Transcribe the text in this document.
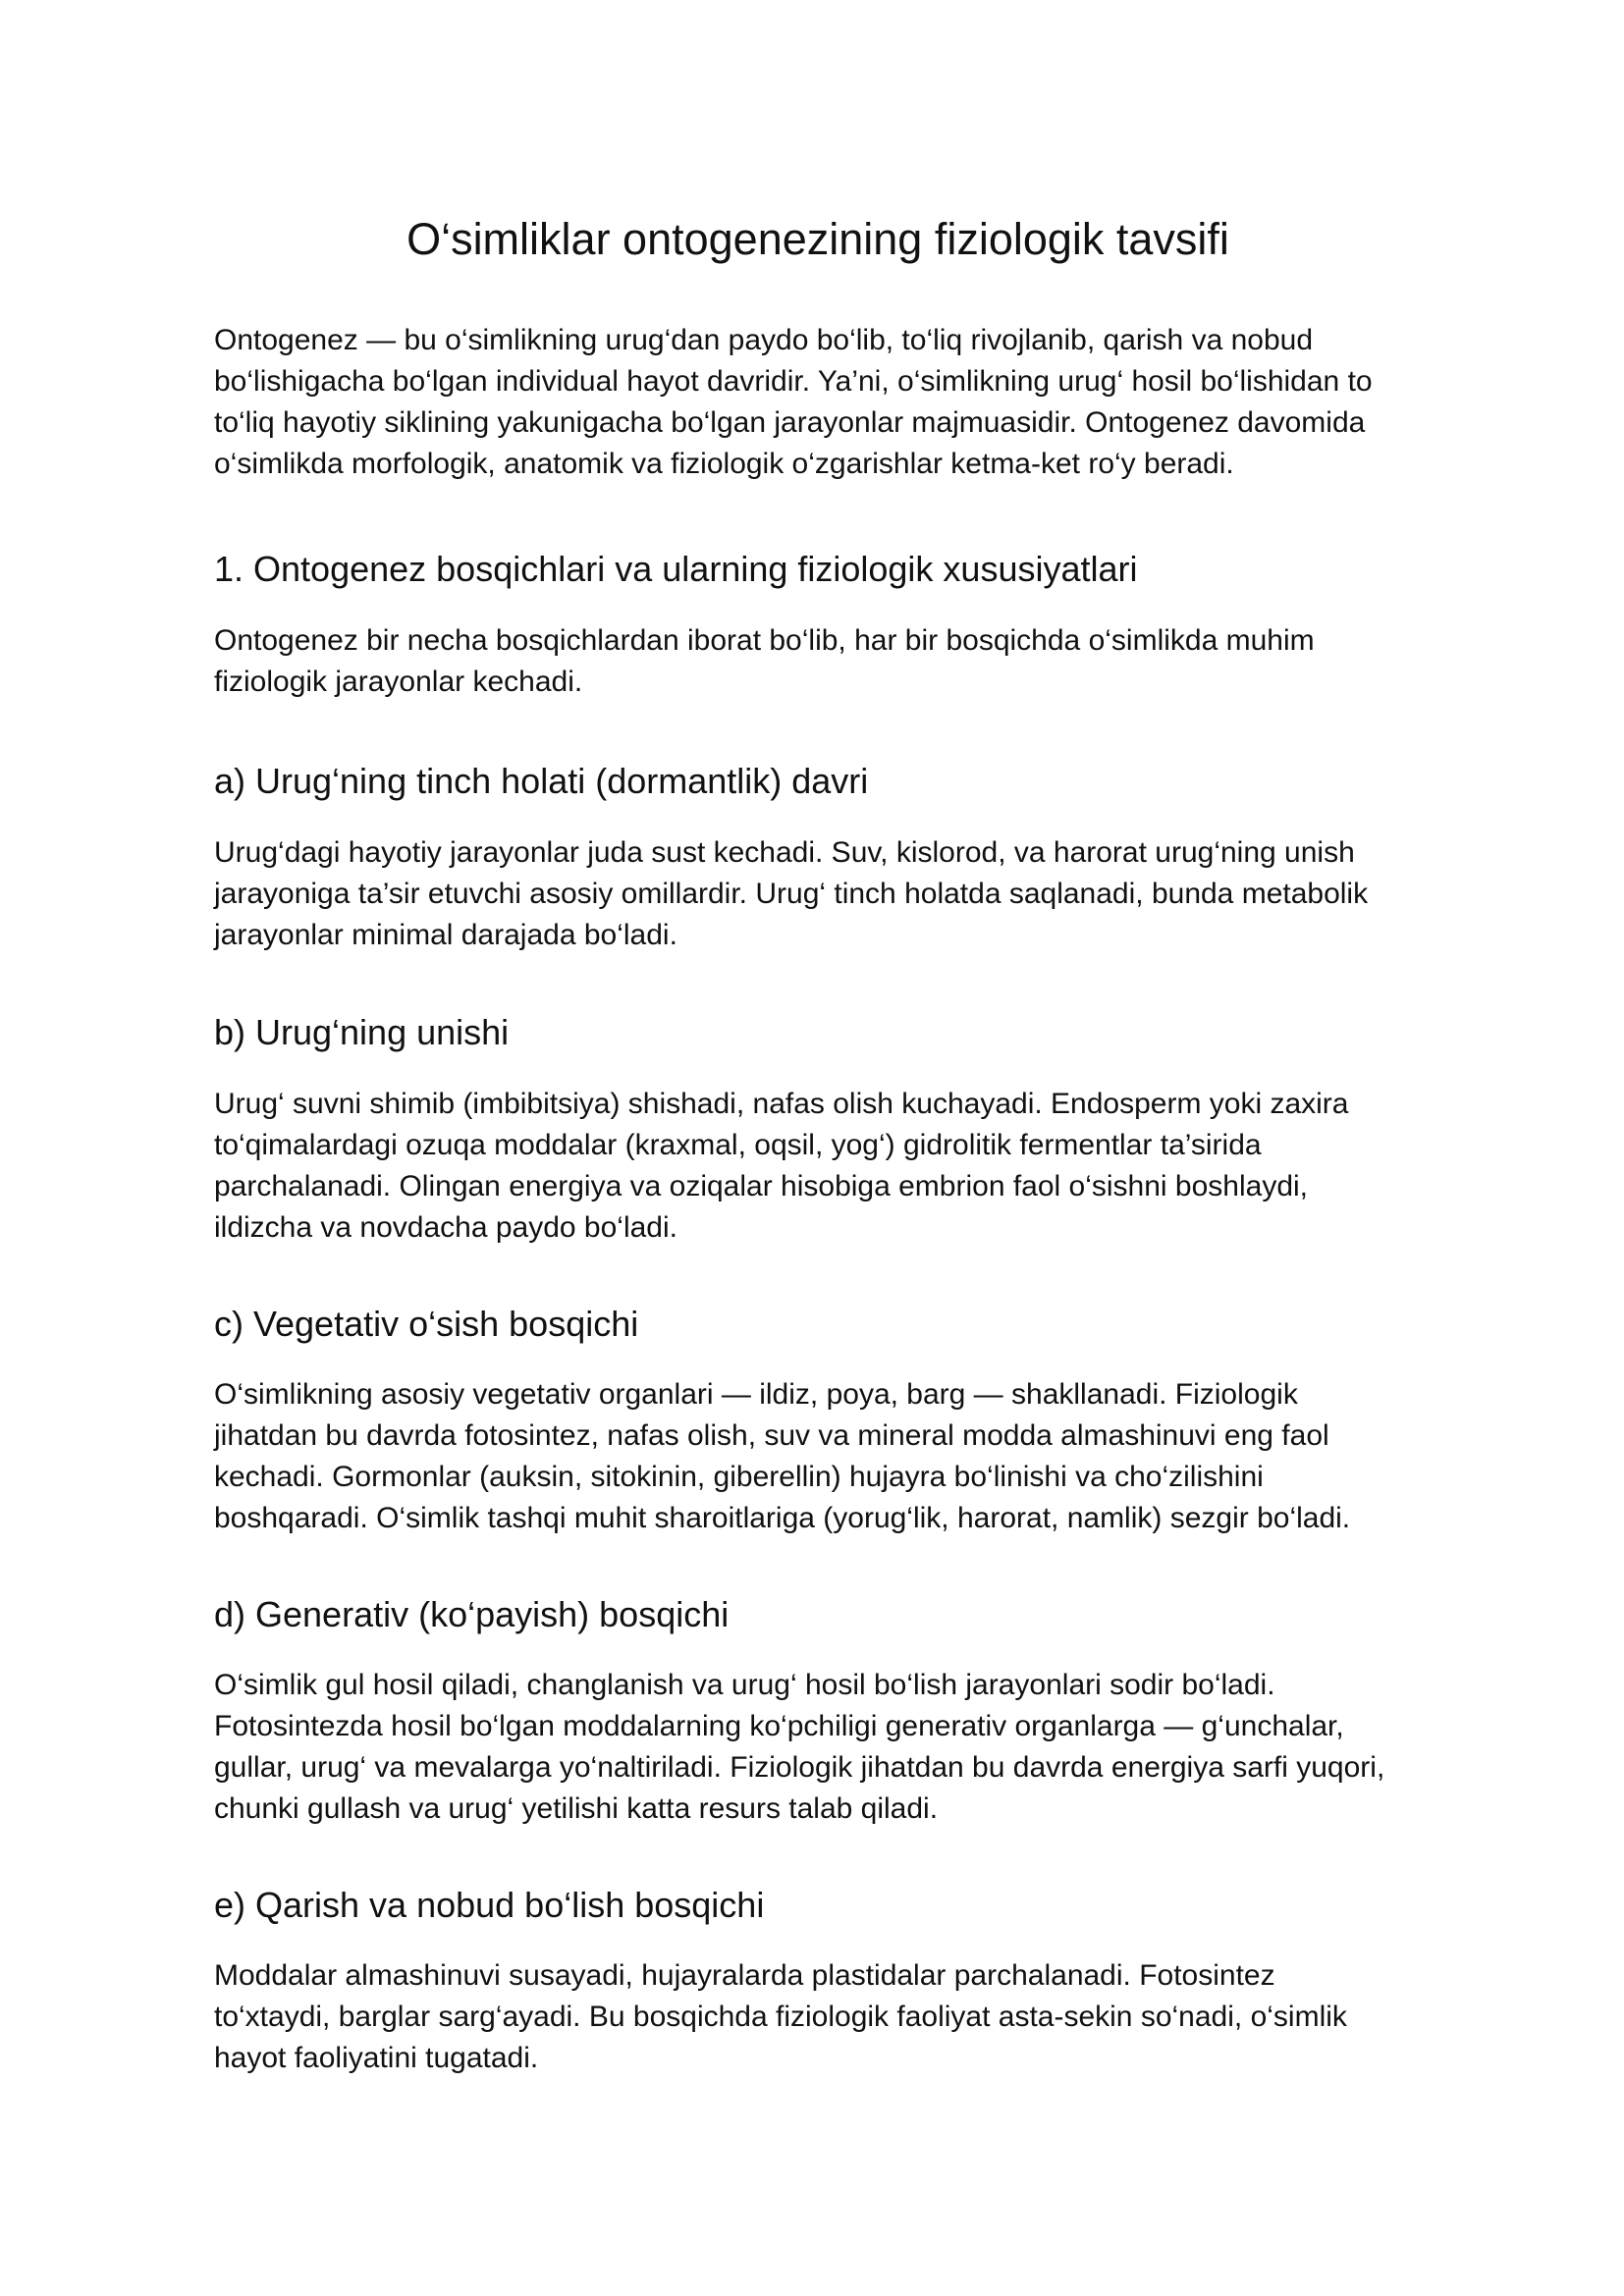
O‘simliklar ontogenezining fiziologik tavsifi

Ontogenez — bu o‘simlikning urug‘dan paydo bo‘lib, to‘liq rivojlanib, qarish va nobud
bo‘lishigacha bo‘lgan individual hayot davridir. Ya’ni, o‘simlikning urug‘ hosil bo‘lishidan to
to‘liq hayotiy siklining yakunigacha bo‘lgan jarayonlar majmuasidir. Ontogenez davomida
o‘simlikda morfologik, anatomik va fiziologik o‘zgarishlar ketma-ket ro‘y beradi.

1. Ontogenez bosqichlari va ularning fiziologik xususiyatlari

Ontogenez bir necha bosqichlardan iborat bo‘lib, har bir bosqichda o‘simlikda muhim
fiziologik jarayonlar kechadi.

a) Urug‘ning tinch holati (dormantlik) davri

Urug‘dagi hayotiy jarayonlar juda sust kechadi. Suv, kislorod, va harorat urug‘ning unish
jarayoniga ta’sir etuvchi asosiy omillardir. Urug‘ tinch holatda saqlanadi, bunda metabolik
jarayonlar minimal darajada bo‘ladi.

b) Urug‘ning unishi

Urug‘ suvni shimib (imbibitsiya) shishadi, nafas olish kuchayadi. Endosperm yoki zaxira
to‘qimalardagi ozuqa moddalar (kraxmal, oqsil, yog‘) gidrolitik fermentlar ta’sirida
parchalanadi. Olingan energiya va oziqalar hisobiga embrion faol o‘sishni boshlaydi,
ildizcha va novdacha paydo bo‘ladi.

c) Vegetativ o‘sish bosqichi

O‘simlikning asosiy vegetativ organlari — ildiz, poya, barg — shakllanadi. Fiziologik
jihatdan bu davrda fotosintez, nafas olish, suv va mineral modda almashinuvi eng faol
kechadi. Gormonlar (auksin, sitokinin, giberellin) hujayra bo‘linishi va cho‘zilishini
boshqaradi. O‘simlik tashqi muhit sharoitlariga (yorug‘lik, harorat, namlik) sezgir bo‘ladi.

d) Generativ (ko‘payish) bosqichi

O‘simlik gul hosil qiladi, changlanish va urug‘ hosil bo‘lish jarayonlari sodir bo‘ladi.
Fotosintezda hosil bo‘lgan moddalarning ko‘pchiligi generativ organlarga — g‘unchalar,
gullar, urug‘ va mevalarga yo‘naltiriladi. Fiziologik jihatdan bu davrda energiya sarfi yuqori,
chunki gullash va urug‘ yetilishi katta resurs talab qiladi.

e) Qarish va nobud bo‘lish bosqichi

Moddalar almashinuvi susayadi, hujayralarda plastidalar parchalanadi. Fotosintez
to‘xtaydi, barglar sarg‘ayadi. Bu bosqichda fiziologik faoliyat asta-sekin so‘nadi, o‘simlik
hayot faoliyatini tugatadi.
